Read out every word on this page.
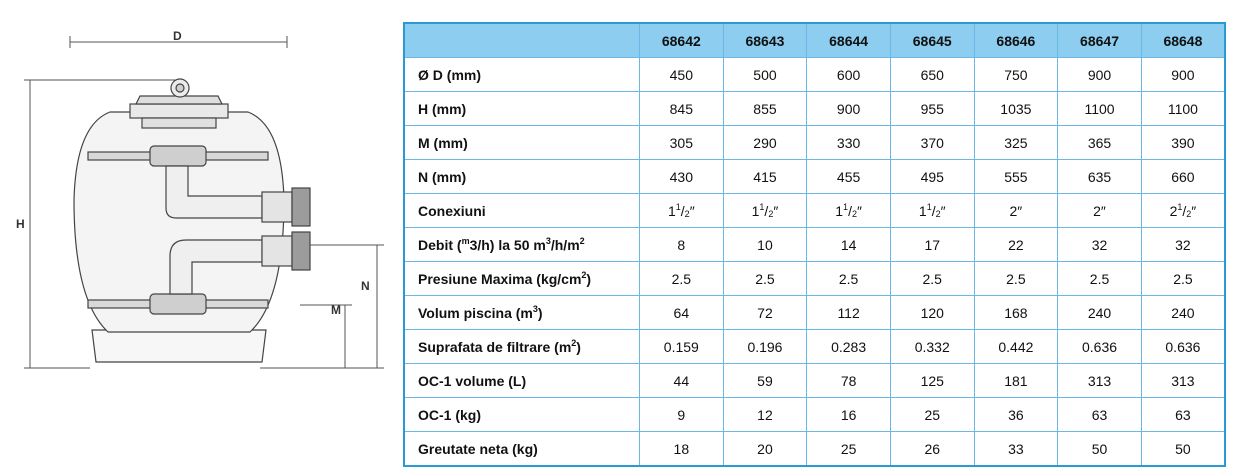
D
H
M
N
	68642	68643	68644	68645	68646	68647	68648
Ø D (mm)	450	500	600	650	750	900	900
H (mm)	845	855	900	955	1035	1100	1100
M (mm)	305	290	330	370	325	365	390
N (mm)	430	415	455	495	555	635	660
Conexiuni	$1^1/_2''$	$1^1/_2''$	$1^1/_2''$	$1^1/_2''$	2″	2″	$2^1/_2''$
Debit ($^m$3/h) la 50 $m^3/h/m^2$	8	10	14	17	22	32	32
Presiune Maxima $(kg/cm^2)$	2.5	2.5	2.5	2.5	2.5	2.5	2.5
Volum piscina $(m^3)$	64	72	112	120	168	240	240
Suprafata de filtrare $(m^2)$	0.159	0.196	0.283	0.332	0.442	0.636	0.636
OC-1 volume (L)	44	59	78	125	181	313	313
OC-1 (kg)	9	12	16	25	36	63	63
Greutate neta (kg)	18	20	25	26	33	50	50
